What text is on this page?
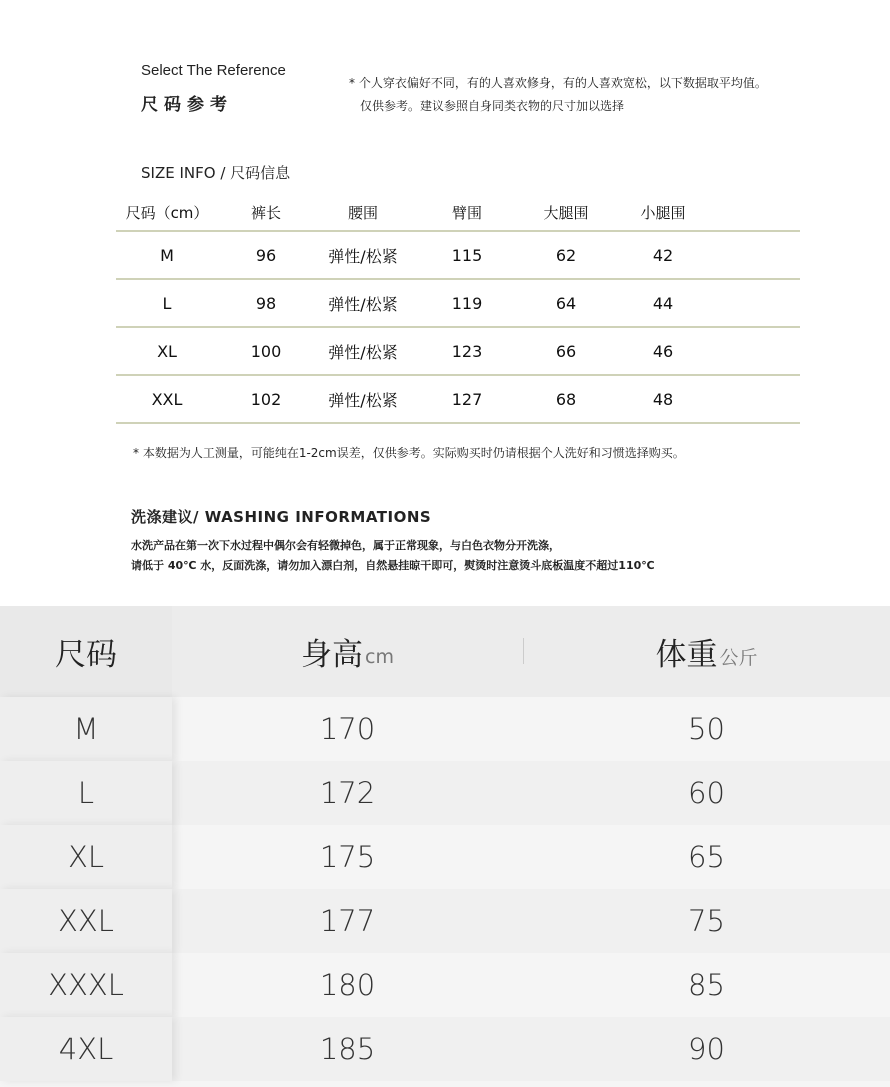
Select The Reference
尺码参考
* 个人穿衣偏好不同，有的人喜欢修身，有的人喜欢宽松，以下数据取平均值。
仅供参考。建议参照自身同类衣物的尺寸加以选择
SIZE INFO / 尺码信息
尺码（cm）	裤长	腰围	臂围	大腿围	小腿围
M	96	弹性/松紧	115	62	42
L	98	弹性/松紧	119	64	44
XL	100	弹性/松紧	123	66	46
XXL	102	弹性/松紧	127	68	48
* 本数据为人工测量，可能纯在1-2cm误差，仅供参考。实际购买时仍请根据个人洗好和习惯选择购买。
洗涤建议/ WASHING INFORMATIONS
水洗产品在第一次下水过程中偶尔会有轻微掉色，属于正常现象，与白色衣物分开洗涤，
请低于 40℃ 水，反面洗涤，请勿加入漂白剂，自然悬挂晾干即可，熨烫时注意烫斗底板温度不超过110℃
尺码	身高 cm	体重 公斤
M	170	50
L	172	60
XL	175	65
XXL	177	75
XXXL	180	85
4XL	185	90
